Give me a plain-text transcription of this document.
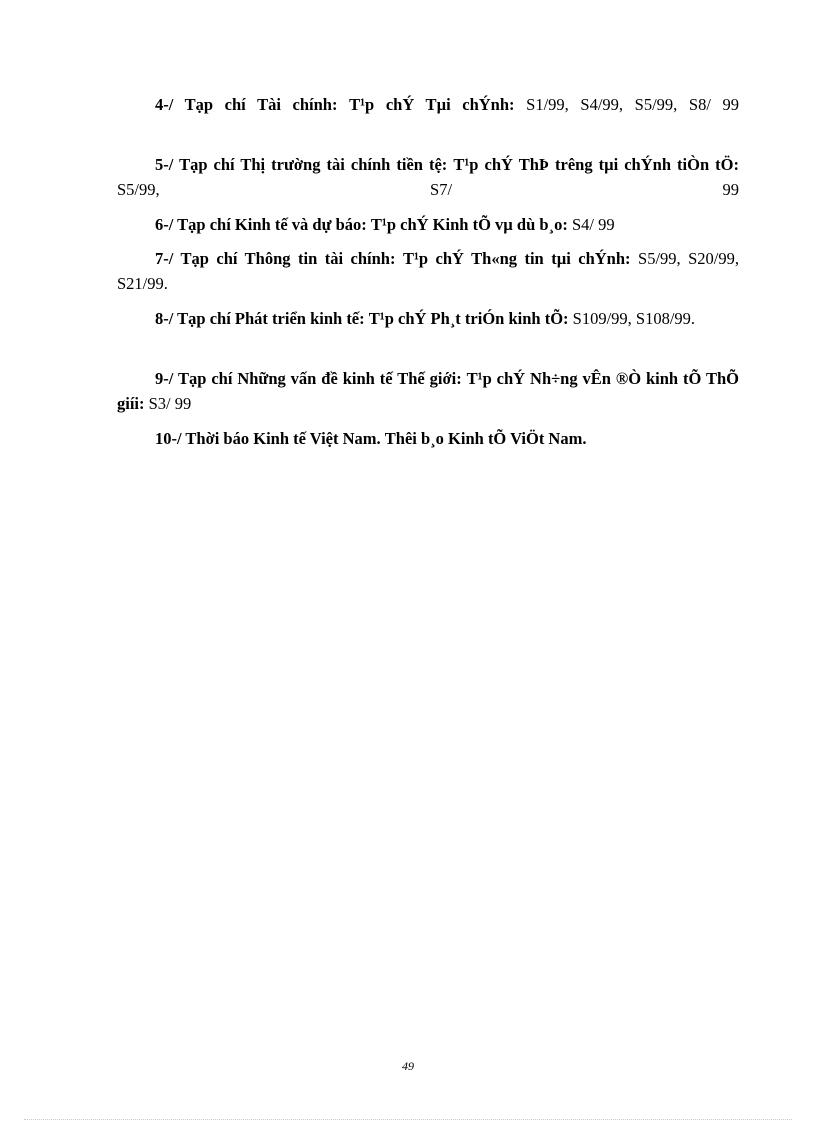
4-/ Tạp chí Tài chính: T¹p chÝ Tµi chÝnh: S1/99, S4/99, S5/99, S8/ 99

5-/ Tạp chí Thị trường tài chính tiền tệ: T¹p chÝ ThÞ trêng tµi chÝnh tiÒn tÖ: S5/99, S7/ 99

6-/ Tạp chí Kinh tế và dự báo: T¹p chÝ Kinh tÕ vµ dù b¸o: S4/ 99

7-/ Tạp chí Thông tin tài chính: T¹p chÝ Th«ng tin tµi chÝnh: S5/99, S20/99, S21/99.

8-/ Tạp chí Phát triển kinh tế: T¹p chÝ Ph¸t triÓn kinh tÕ: S109/99, S108/99.

9-/ Tạp chí Những vấn đề kinh tế Thế giới: T¹p chÝ Nh÷ng vÊn ®Ò kinh tÕ ThÕ giíi: S3/ 99

10-/ Thời báo Kinh tế Việt Nam. Thêi b¸o Kinh tÕ ViÖt Nam.

49
